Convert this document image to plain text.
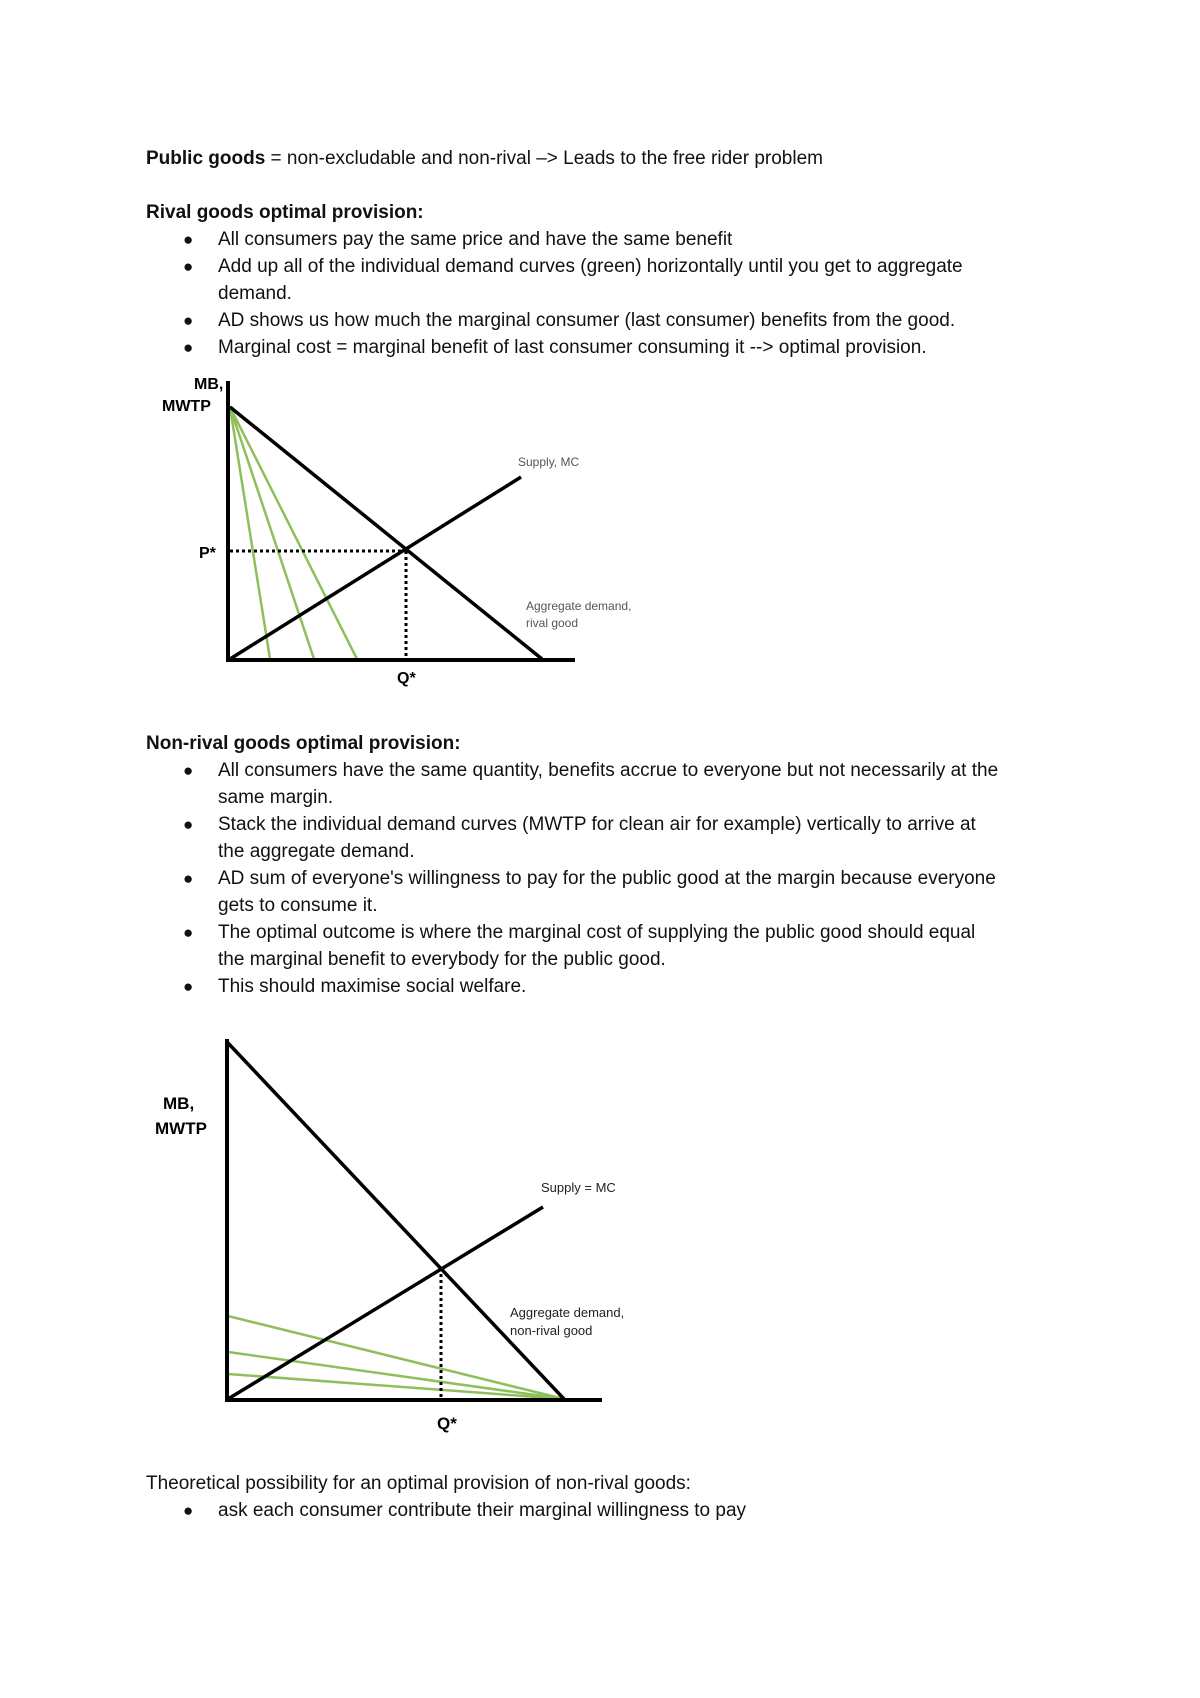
Public goods = non-excludable and non-rival –> Leads to the free rider problem
Rival goods optimal provision:
● All consumers pay the same price and have the same benefit
● Add up all of the individual demand curves (green) horizontally until you get to aggregate
demand.
● AD shows us how much the marginal consumer (last consumer) benefits from the good.
● Marginal cost = marginal benefit of last consumer consuming it --> optimal provision.
MB,
MWTP
P*
Q*
Supply, MC
Aggregate demand,
rival good
Non-rival goods optimal provision:
● All consumers have the same quantity, benefits accrue to everyone but not necessarily at the
same margin.
● Stack the individual demand curves (MWTP for clean air for example) vertically to arrive at
the aggregate demand.
● AD sum of everyone's willingness to pay for the public good at the margin because everyone
gets to consume it.
● The optimal outcome is where the marginal cost of supplying the public good should equal
the marginal benefit to everybody for the public good.
● This should maximise social welfare.
MB,
MWTP
Q*
Supply = MC
Aggregate demand,
non-rival good
Theoretical possibility for an optimal provision of non-rival goods:
● ask each consumer contribute their marginal willingness to pay
